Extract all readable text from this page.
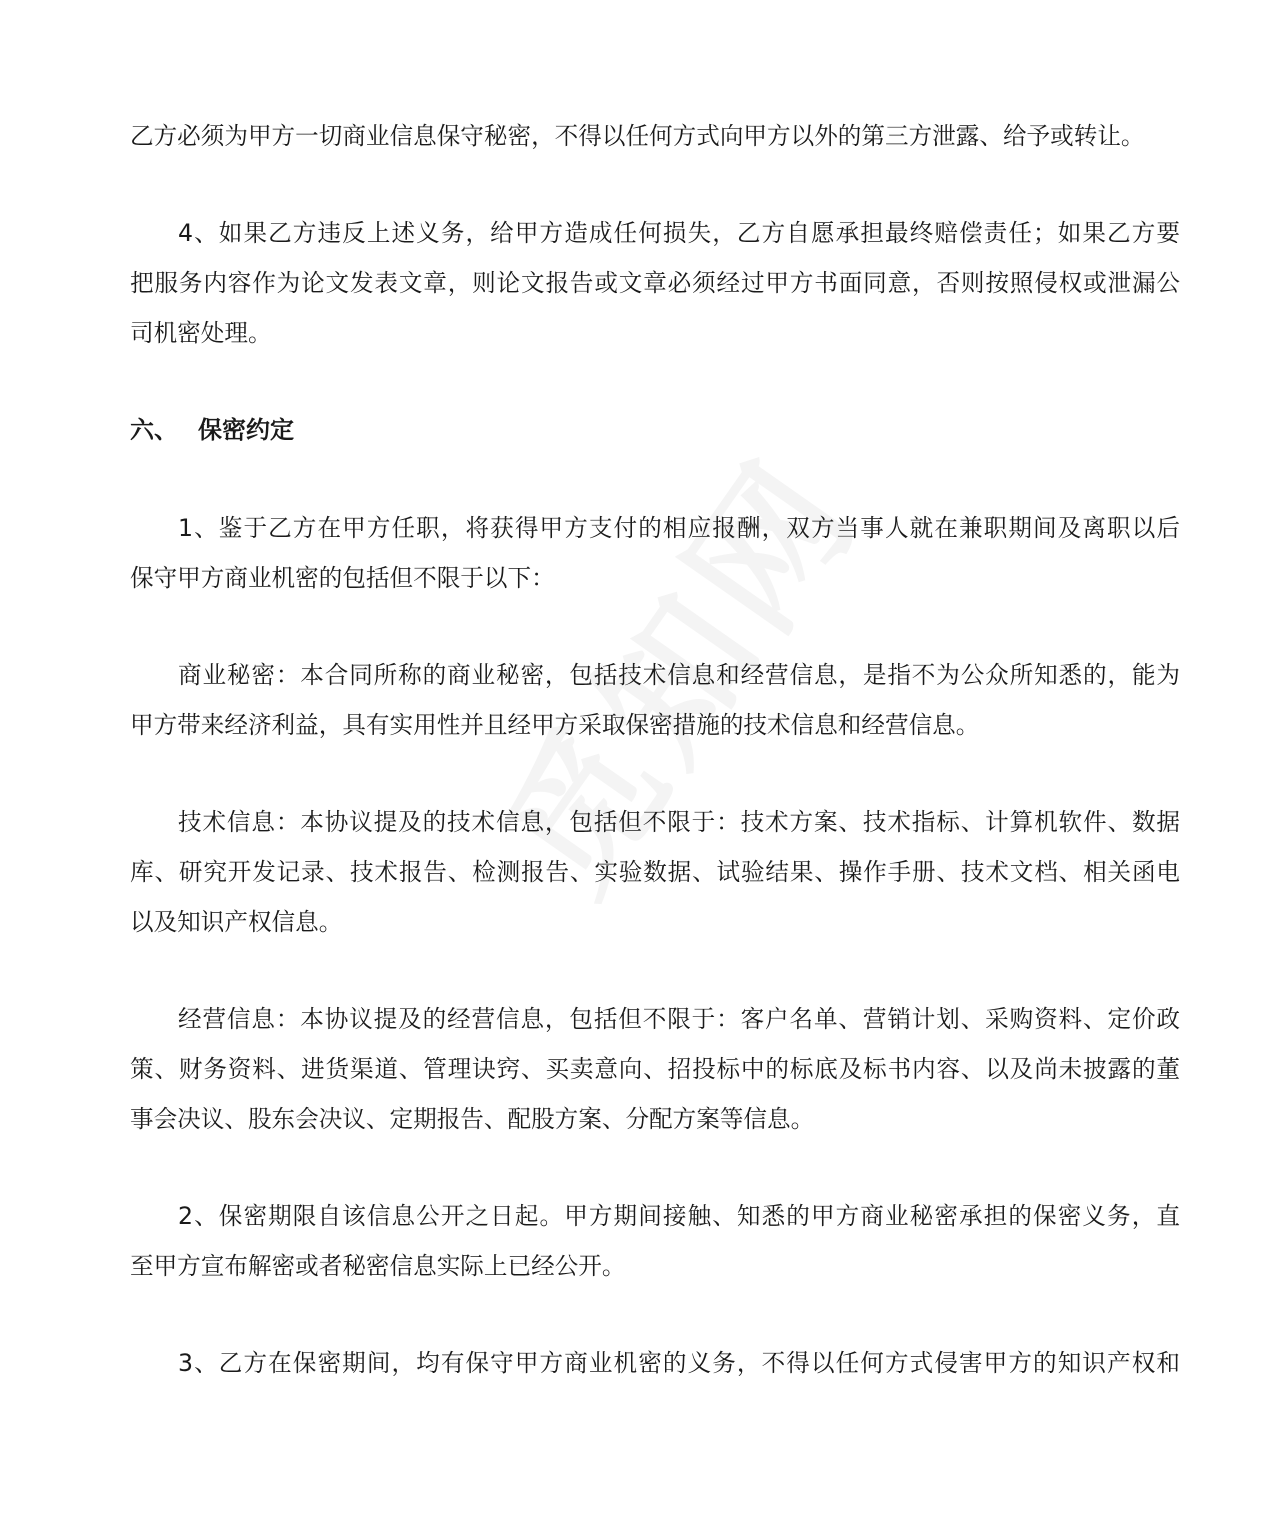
乙方必须为甲方一切商业信息保守秘密，不得以任何方式向甲方以外的第三方泄露、给予或转让。
4、如果乙方违反上述义务，给甲方造成任何损失，乙方自愿承担最终赔偿责任；如果乙方要
把服务内容作为论文发表文章，则论文报告或文章必须经过甲方书面同意，否则按照侵权或泄漏公
司机密处理。
六、 保密约定
1、鉴于乙方在甲方任职，将获得甲方支付的相应报酬，双方当事人就在兼职期间及离职以后
保守甲方商业机密的包括但不限于以下：
商业秘密：本合同所称的商业秘密，包括技术信息和经营信息，是指不为公众所知悉的，能为
甲方带来经济利益，具有实用性并且经甲方采取保密措施的技术信息和经营信息。
技术信息：本协议提及的技术信息，包括但不限于：技术方案、技术指标、计算机软件、数据
库、研究开发记录、技术报告、检测报告、实验数据、试验结果、操作手册、技术文档、相关函电
以及知识产权信息。
经营信息：本协议提及的经营信息，包括但不限于：客户名单、营销计划、采购资料、定价政
策、财务资料、进货渠道、管理诀窍、买卖意向、招投标中的标底及标书内容、以及尚未披露的董
事会决议、股东会决议、定期报告、配股方案、分配方案等信息。
2、保密期限自该信息公开之日起。甲方期间接触、知悉的甲方商业秘密承担的保密义务，直
至甲方宣布解密或者秘密信息实际上已经公开。
3、乙方在保密期间，均有保守甲方商业机密的义务，不得以任何方式侵害甲方的知识产权和
